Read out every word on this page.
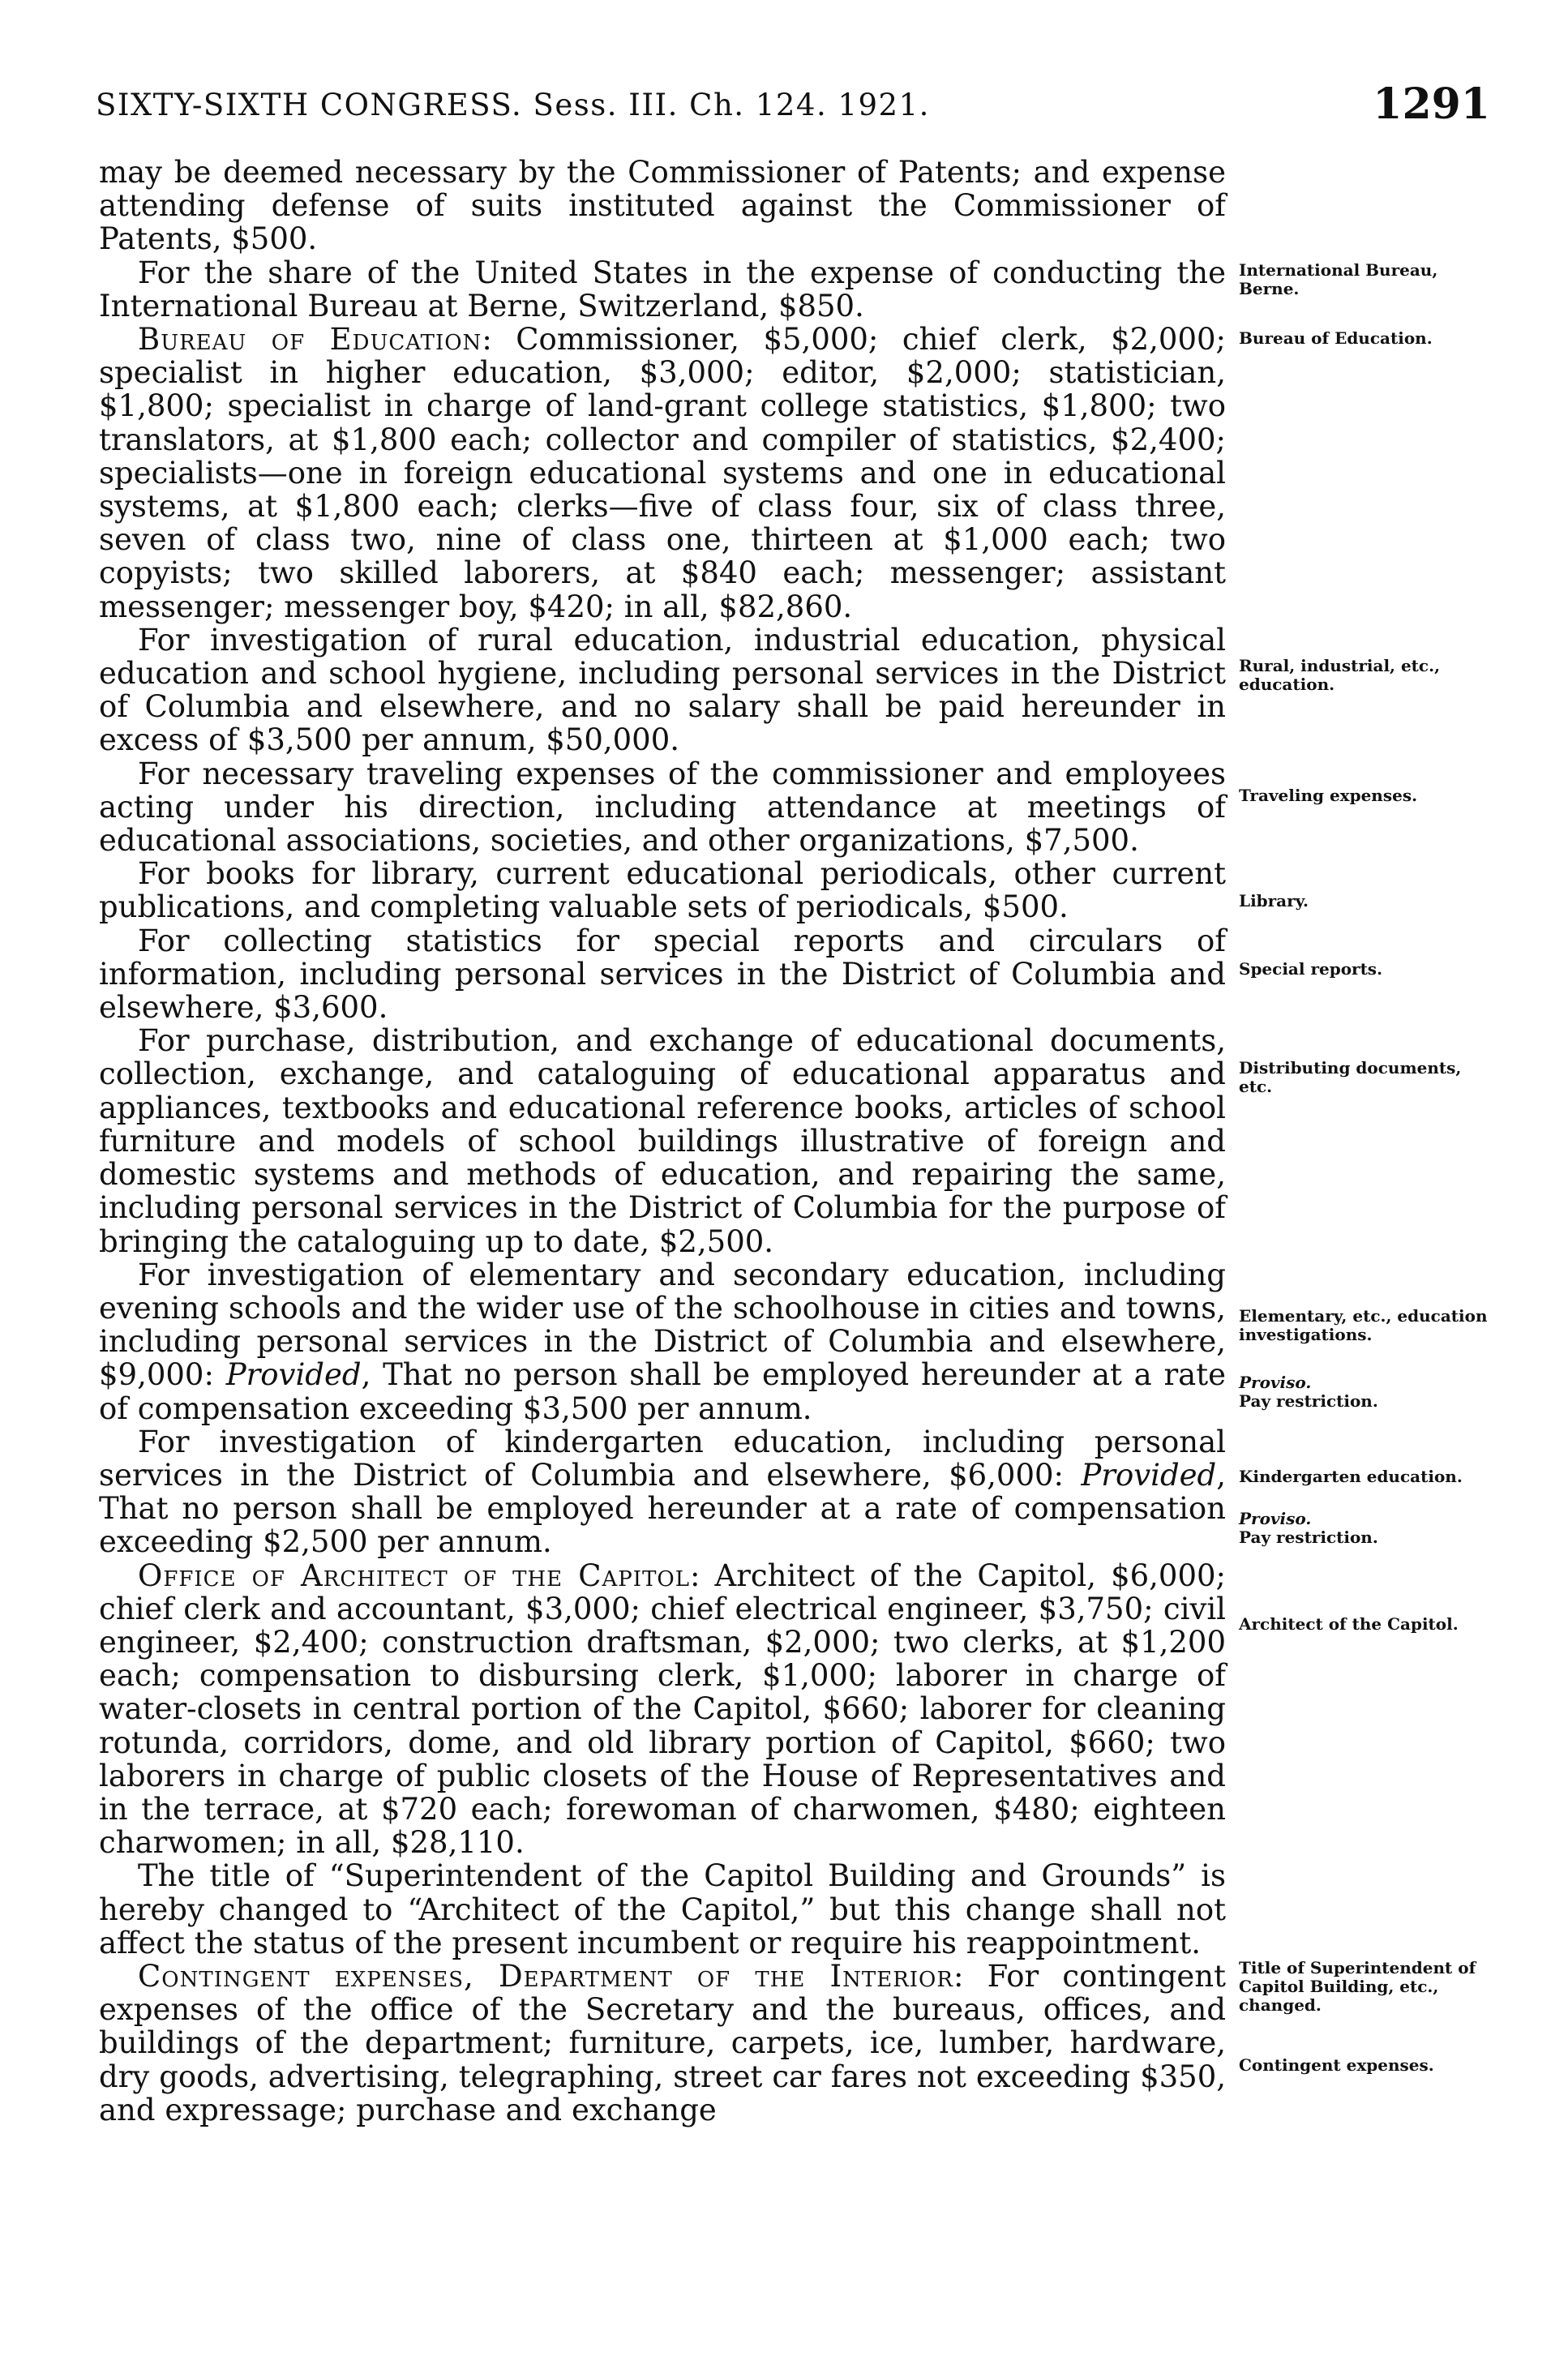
SIXTY-SIXTH CONGRESS. Sess. III. Ch. 124. 1921.	1291

may be deemed necessary by the Commissioner of Patents; and expense attending defense of suits instituted against the Commissioner of Patents, $500.

For the share of the United States in the expense of conducting the International Bureau at Berne, Switzerland, $850.

Bureau of Education: Commissioner, $5,000; chief clerk, $2,000; specialist in higher education, $3,000; editor, $2,000; statistician, $1,800; specialist in charge of land-grant college statistics, $1,800; two translators, at $1,800 each; collector and compiler of statistics, $2,400; specialists—one in foreign educational systems and one in educational systems, at $1,800 each; clerks—five of class four, six of class three, seven of class two, nine of class one, thirteen at $1,000 each; two copyists; two skilled laborers, at $840 each; messenger; assistant messenger; messenger boy, $420; in all, $82,860.

For investigation of rural education, industrial education, physical education and school hygiene, including personal services in the District of Columbia and elsewhere, and no salary shall be paid hereunder in excess of $3,500 per annum, $50,000.

For necessary traveling expenses of the commissioner and employees acting under his direction, including attendance at meetings of educational associations, societies, and other organizations, $7,500.

For books for library, current educational periodicals, other current publications, and completing valuable sets of periodicals, $500.

For collecting statistics for special reports and circulars of information, including personal services in the District of Columbia and elsewhere, $3,600.

For purchase, distribution, and exchange of educational documents, collection, exchange, and cataloguing of educational apparatus and appliances, textbooks and educational reference books, articles of school furniture and models of school buildings illustrative of foreign and domestic systems and methods of education, and repairing the same, including personal services in the District of Columbia for the purpose of bringing the cataloguing up to date, $2,500.

For investigation of elementary and secondary education, including evening schools and the wider use of the schoolhouse in cities and towns, including personal services in the District of Columbia and elsewhere, $9,000: Provided, That no person shall be employed hereunder at a rate of compensation exceeding $3,500 per annum.

For investigation of kindergarten education, including personal services in the District of Columbia and elsewhere, $6,000: Provided, That no person shall be employed hereunder at a rate of compensation exceeding $2,500 per annum.

Office of Architect of the Capitol: Architect of the Capitol, $6,000; chief clerk and accountant, $3,000; chief electrical engineer, $3,750; civil engineer, $2,400; construction draftsman, $2,000; two clerks, at $1,200 each; compensation to disbursing clerk, $1,000; laborer in charge of water-closets in central portion of the Capitol, $660; laborer for cleaning rotunda, corridors, dome, and old library portion of Capitol, $660; two laborers in charge of public closets of the House of Representatives and in the terrace, at $720 each; forewoman of charwomen, $480; eighteen charwomen; in all, $28,110.

The title of “Superintendent of the Capitol Building and Grounds” is hereby changed to “Architect of the Capitol,” but this change shall not affect the status of the present incumbent or require his reappointment.

Contingent expenses, Department of the Interior: For contingent expenses of the office of the Secretary and the bureaus, offices, and buildings of the department; furniture, carpets, ice, lumber, hardware, dry goods, advertising, telegraphing, street car fares not exceeding $350, and expressage; purchase and exchange

International Bureau, Berne.
Bureau of Education.
Rural, industrial, etc., education.
Traveling expenses.
Library.
Special reports.
Distributing documents, etc.
Elementary, etc., education investigations.
Proviso.
Pay restriction.
Kindergarten education.
Proviso.
Pay restriction.
Architect of the Capitol.
Title of Superintendent of Capitol Building, etc., changed.
Contingent expenses.
